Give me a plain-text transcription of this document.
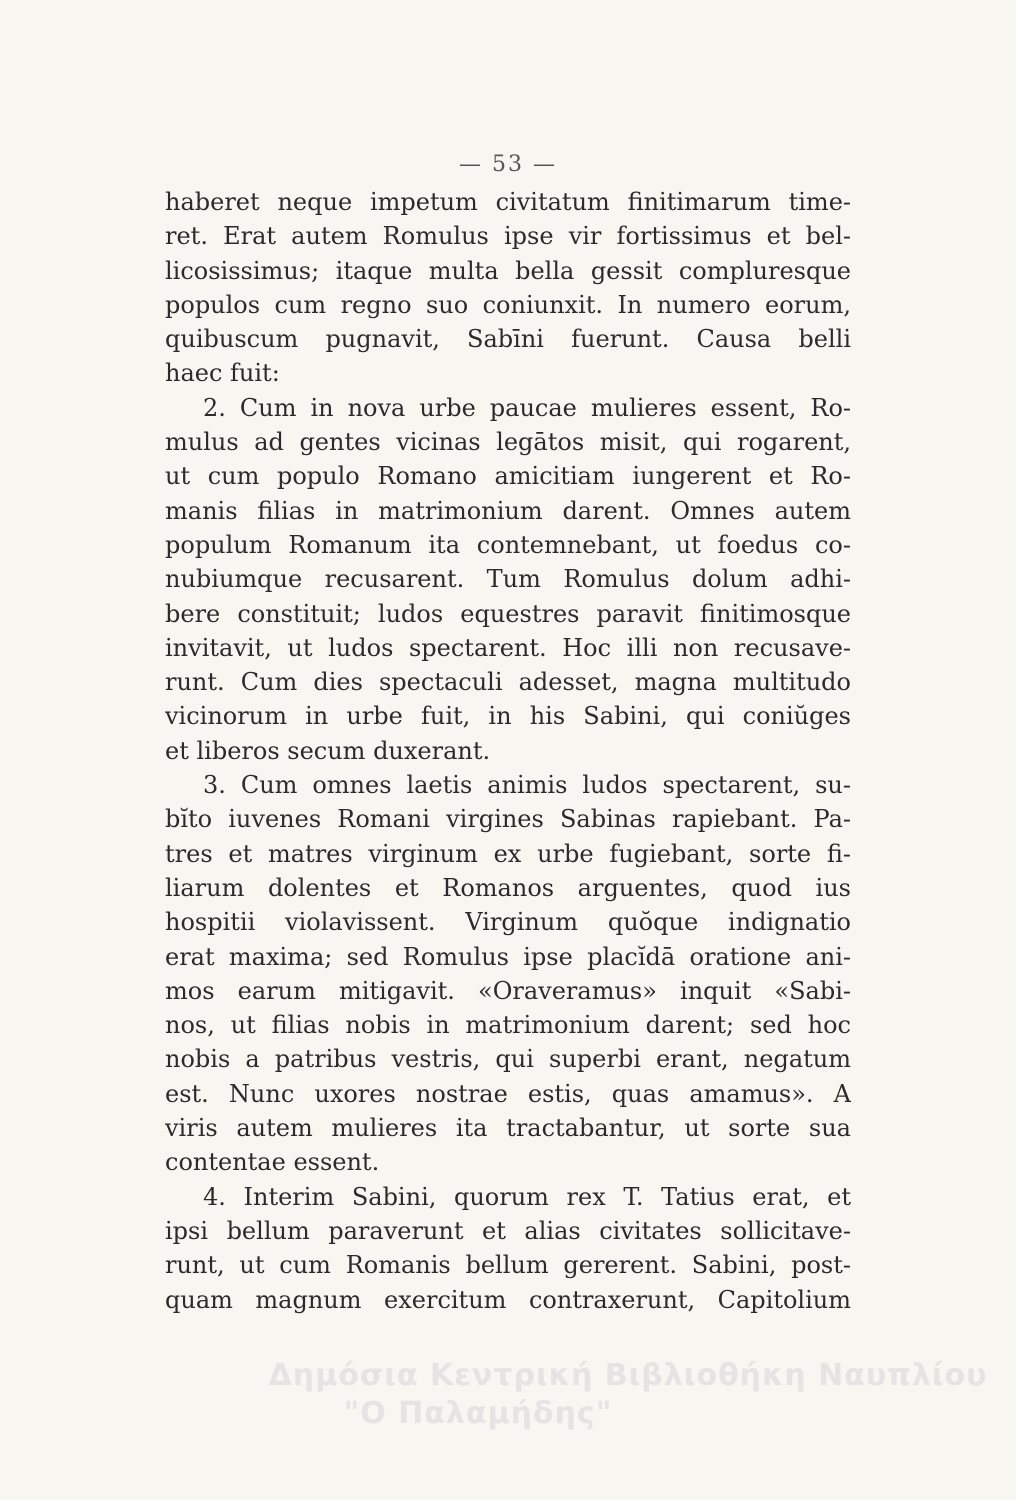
— 53 —
haberet neque impetum civitatum finitimarum time-
ret. Erat autem Romulus ipse vir fortissimus et bel-
licosissimus; itaque multa bella gessit compluresque
populos cum regno suo coniunxit. In numero eorum,
quibuscum pugnavit, Sabīni fuerunt. Causa belli
haec fuit:
2. Cum in nova urbe paucae mulieres essent, Ro-
mulus ad gentes vicinas legātos misit, qui rogarent,
ut cum populo Romano amicitiam iungerent et Ro-
manis filias in matrimonium darent. Omnes autem
populum Romanum ita contemnebant, ut foedus co-
nubiumque recusarent. Tum Romulus dolum adhi-
bere constituit; ludos equestres paravit finitimosque
invitavit, ut ludos spectarent. Hoc illi non recusave-
runt. Cum dies spectaculi adesset, magna multitudo
vicinorum in urbe fuit, in his Sabini, qui coniŭges
et liberos secum duxerant.
3. Cum omnes laetis animis ludos spectarent, su-
bĭto iuvenes Romani virgines Sabinas rapiebant. Pa-
tres et matres virginum ex urbe fugiebant, sorte fi-
liarum dolentes et Romanos arguentes, quod ius
hospitii violavissent. Virginum quŏque indignatio
erat maxima; sed Romulus ipse placĭdā oratione ani-
mos earum mitigavit. «Oraveramus» inquit «Sabi-
nos, ut filias nobis in matrimonium darent; sed hoc
nobis a patribus vestris, qui superbi erant, negatum
est. Nunc uxores nostrae estis, quas amamus». A
viris autem mulieres ita tractabantur, ut sorte sua
contentae essent.
4. Interim Sabini, quorum rex T. Tatius erat, et
ipsi bellum paraverunt et alias civitates sollicitave-
runt, ut cum Romanis bellum gererent. Sabini, post-
quam magnum exercitum contraxerunt, Capitolium
Δημόσια Κεντρική Βιβλιοθήκη Ναυπλίου
"Ο Παλαμήδης"
